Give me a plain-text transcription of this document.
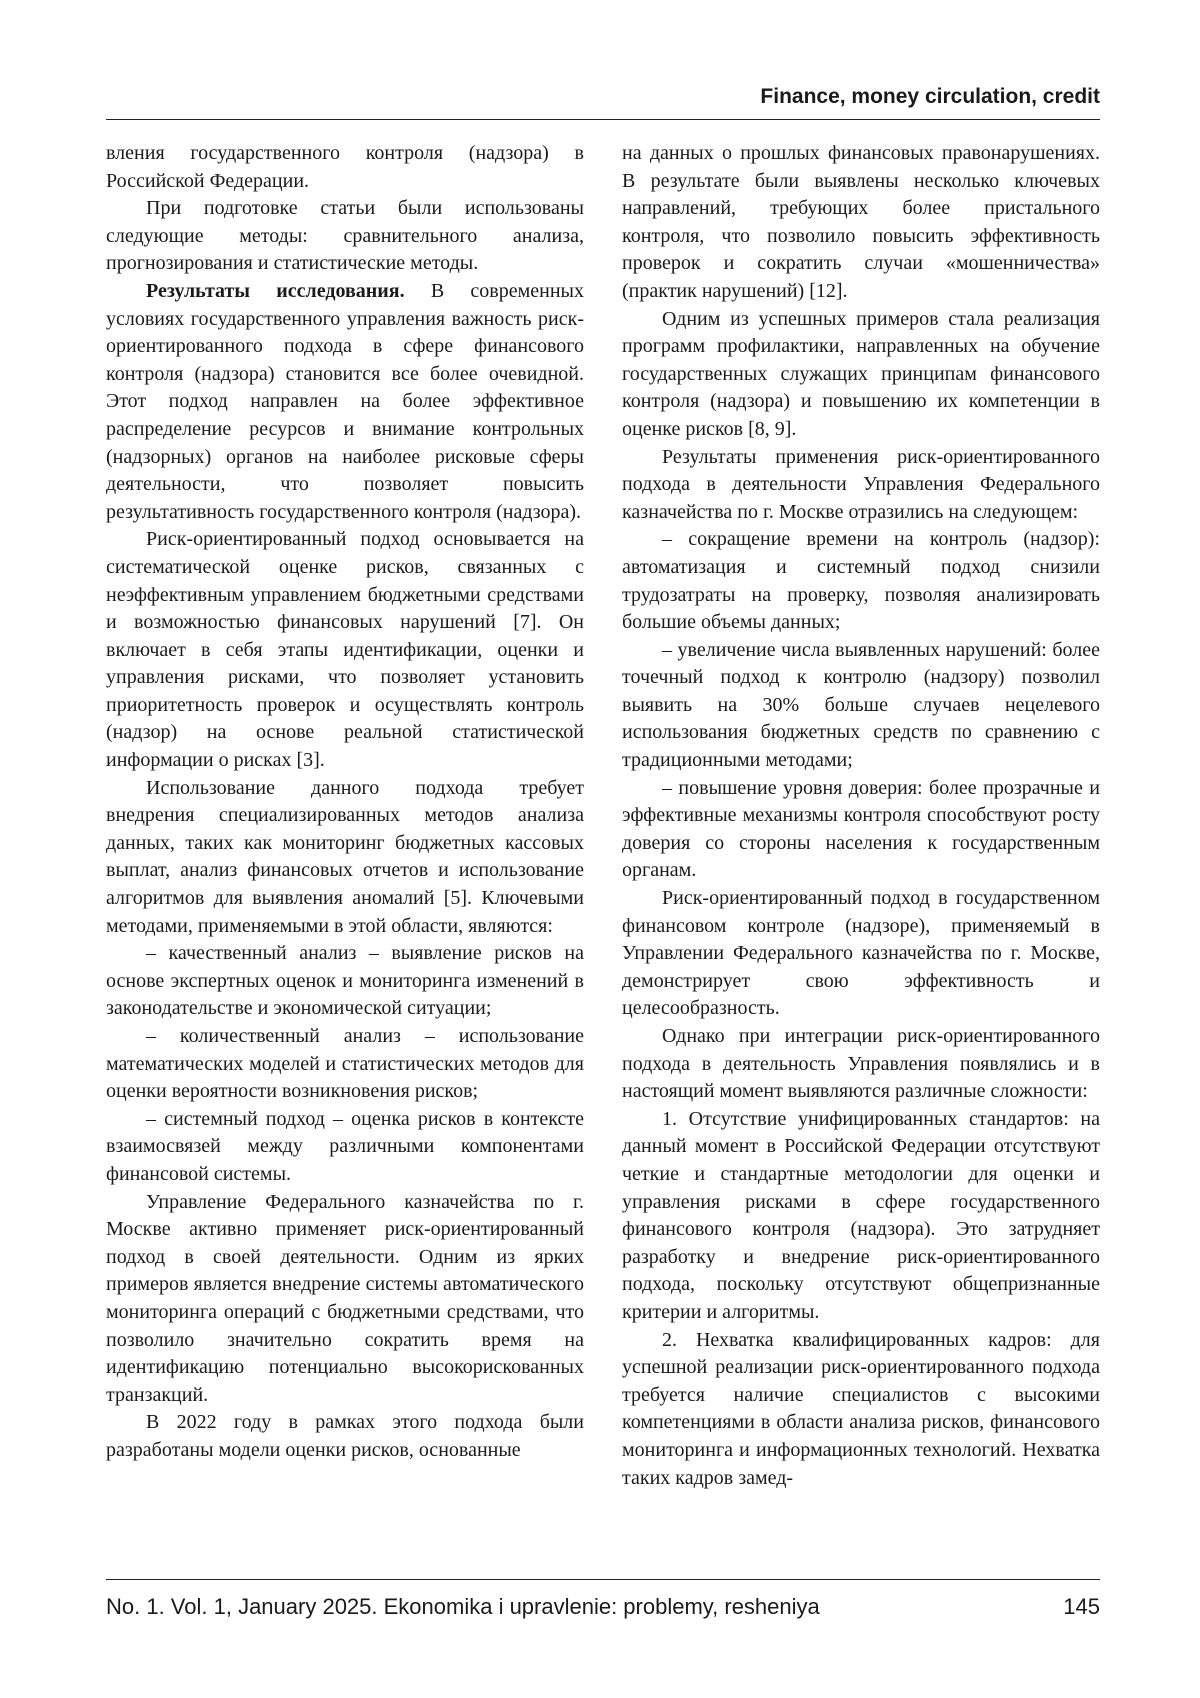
Finance, money circulation, credit

вления государственного контроля (надзора) в Российской Федерации.

При подготовке статьи были использованы следующие методы: сравнительного анализа, прогнозирования и статистические методы.

Результаты исследования. В современных условиях государственного управления важность риск-ориентированного подхода в сфере финансового контроля (надзора) становится все более очевидной. Этот подход направлен на более эффективное распределение ресурсов и внимание контрольных (надзорных) органов на наиболее рисковые сферы деятельности, что позволяет повысить результативность государственного контроля (надзора).

Риск-ориентированный подход основывается на систематической оценке рисков, связанных с неэффективным управлением бюджетными средствами и возможностью финансовых нарушений [7]. Он включает в себя этапы идентификации, оценки и управления рисками, что позволяет установить приоритетность проверок и осуществлять контроль (надзор) на основе реальной статистической информации о рисках [3].

Использование данного подхода требует внедрения специализированных методов анализа данных, таких как мониторинг бюджетных кассовых выплат, анализ финансовых отчетов и использование алгоритмов для выявления аномалий [5]. Ключевыми методами, применяемыми в этой области, являются:

– качественный анализ – выявление рисков на основе экспертных оценок и мониторинга изменений в законодательстве и экономической ситуации;

– количественный анализ – использование математических моделей и статистических методов для оценки вероятности возникновения рисков;

– системный подход – оценка рисков в контексте взаимосвязей между различными компонентами финансовой системы.

Управление Федерального казначейства по г. Москве активно применяет риск-ориентированный подход в своей деятельности. Одним из ярких примеров является внедрение системы автоматического мониторинга операций с бюджетными средствами, что позволило значительно сократить время на идентификацию потенциально высокорискованных транзакций.

В 2022 году в рамках этого подхода были разработаны модели оценки рисков, основанные

на данных о прошлых финансовых правонарушениях. В результате были выявлены несколько ключевых направлений, требующих более пристального контроля, что позволило повысить эффективность проверок и сократить случаи «мошенничества» (практик нарушений) [12].

Одним из успешных примеров стала реализация программ профилактики, направленных на обучение государственных служащих принципам финансового контроля (надзора) и повышению их компетенции в оценке рисков [8, 9].

Результаты применения риск-ориентированного подхода в деятельности Управления Федерального казначейства по г. Москве отразились на следующем:

– сокращение времени на контроль (надзор): автоматизация и системный подход снизили трудозатраты на проверку, позволяя анализировать большие объемы данных;

– увеличение числа выявленных нарушений: более точечный подход к контролю (надзору) позволил выявить на 30% больше случаев нецелевого использования бюджетных средств по сравнению с традиционными методами;

– повышение уровня доверия: более прозрачные и эффективные механизмы контроля способствуют росту доверия со стороны населения к государственным органам.

Риск-ориентированный подход в государственном финансовом контроле (надзоре), применяемый в Управлении Федерального казначейства по г. Москве, демонстрирует свою эффективность и целесообразность.

Однако при интеграции риск-ориентированного подхода в деятельность Управления появлялись и в настоящий момент выявляются различные сложности:

1. Отсутствие унифицированных стандартов: на данный момент в Российской Федерации отсутствуют четкие и стандартные методологии для оценки и управления рисками в сфере государственного финансового контроля (надзора). Это затрудняет разработку и внедрение риск-ориентированного подхода, поскольку отсутствуют общепризнанные критерии и алгоритмы.

2. Нехватка квалифицированных кадров: для успешной реализации риск-ориентированного подхода требуется наличие специалистов с высокими компетенциями в области анализа рисков, финансового мониторинга и информационных технологий. Нехватка таких кадров замед-

No. 1. Vol. 1, January 2025. Ekonomika i upravlenie: problemy, resheniya	145
